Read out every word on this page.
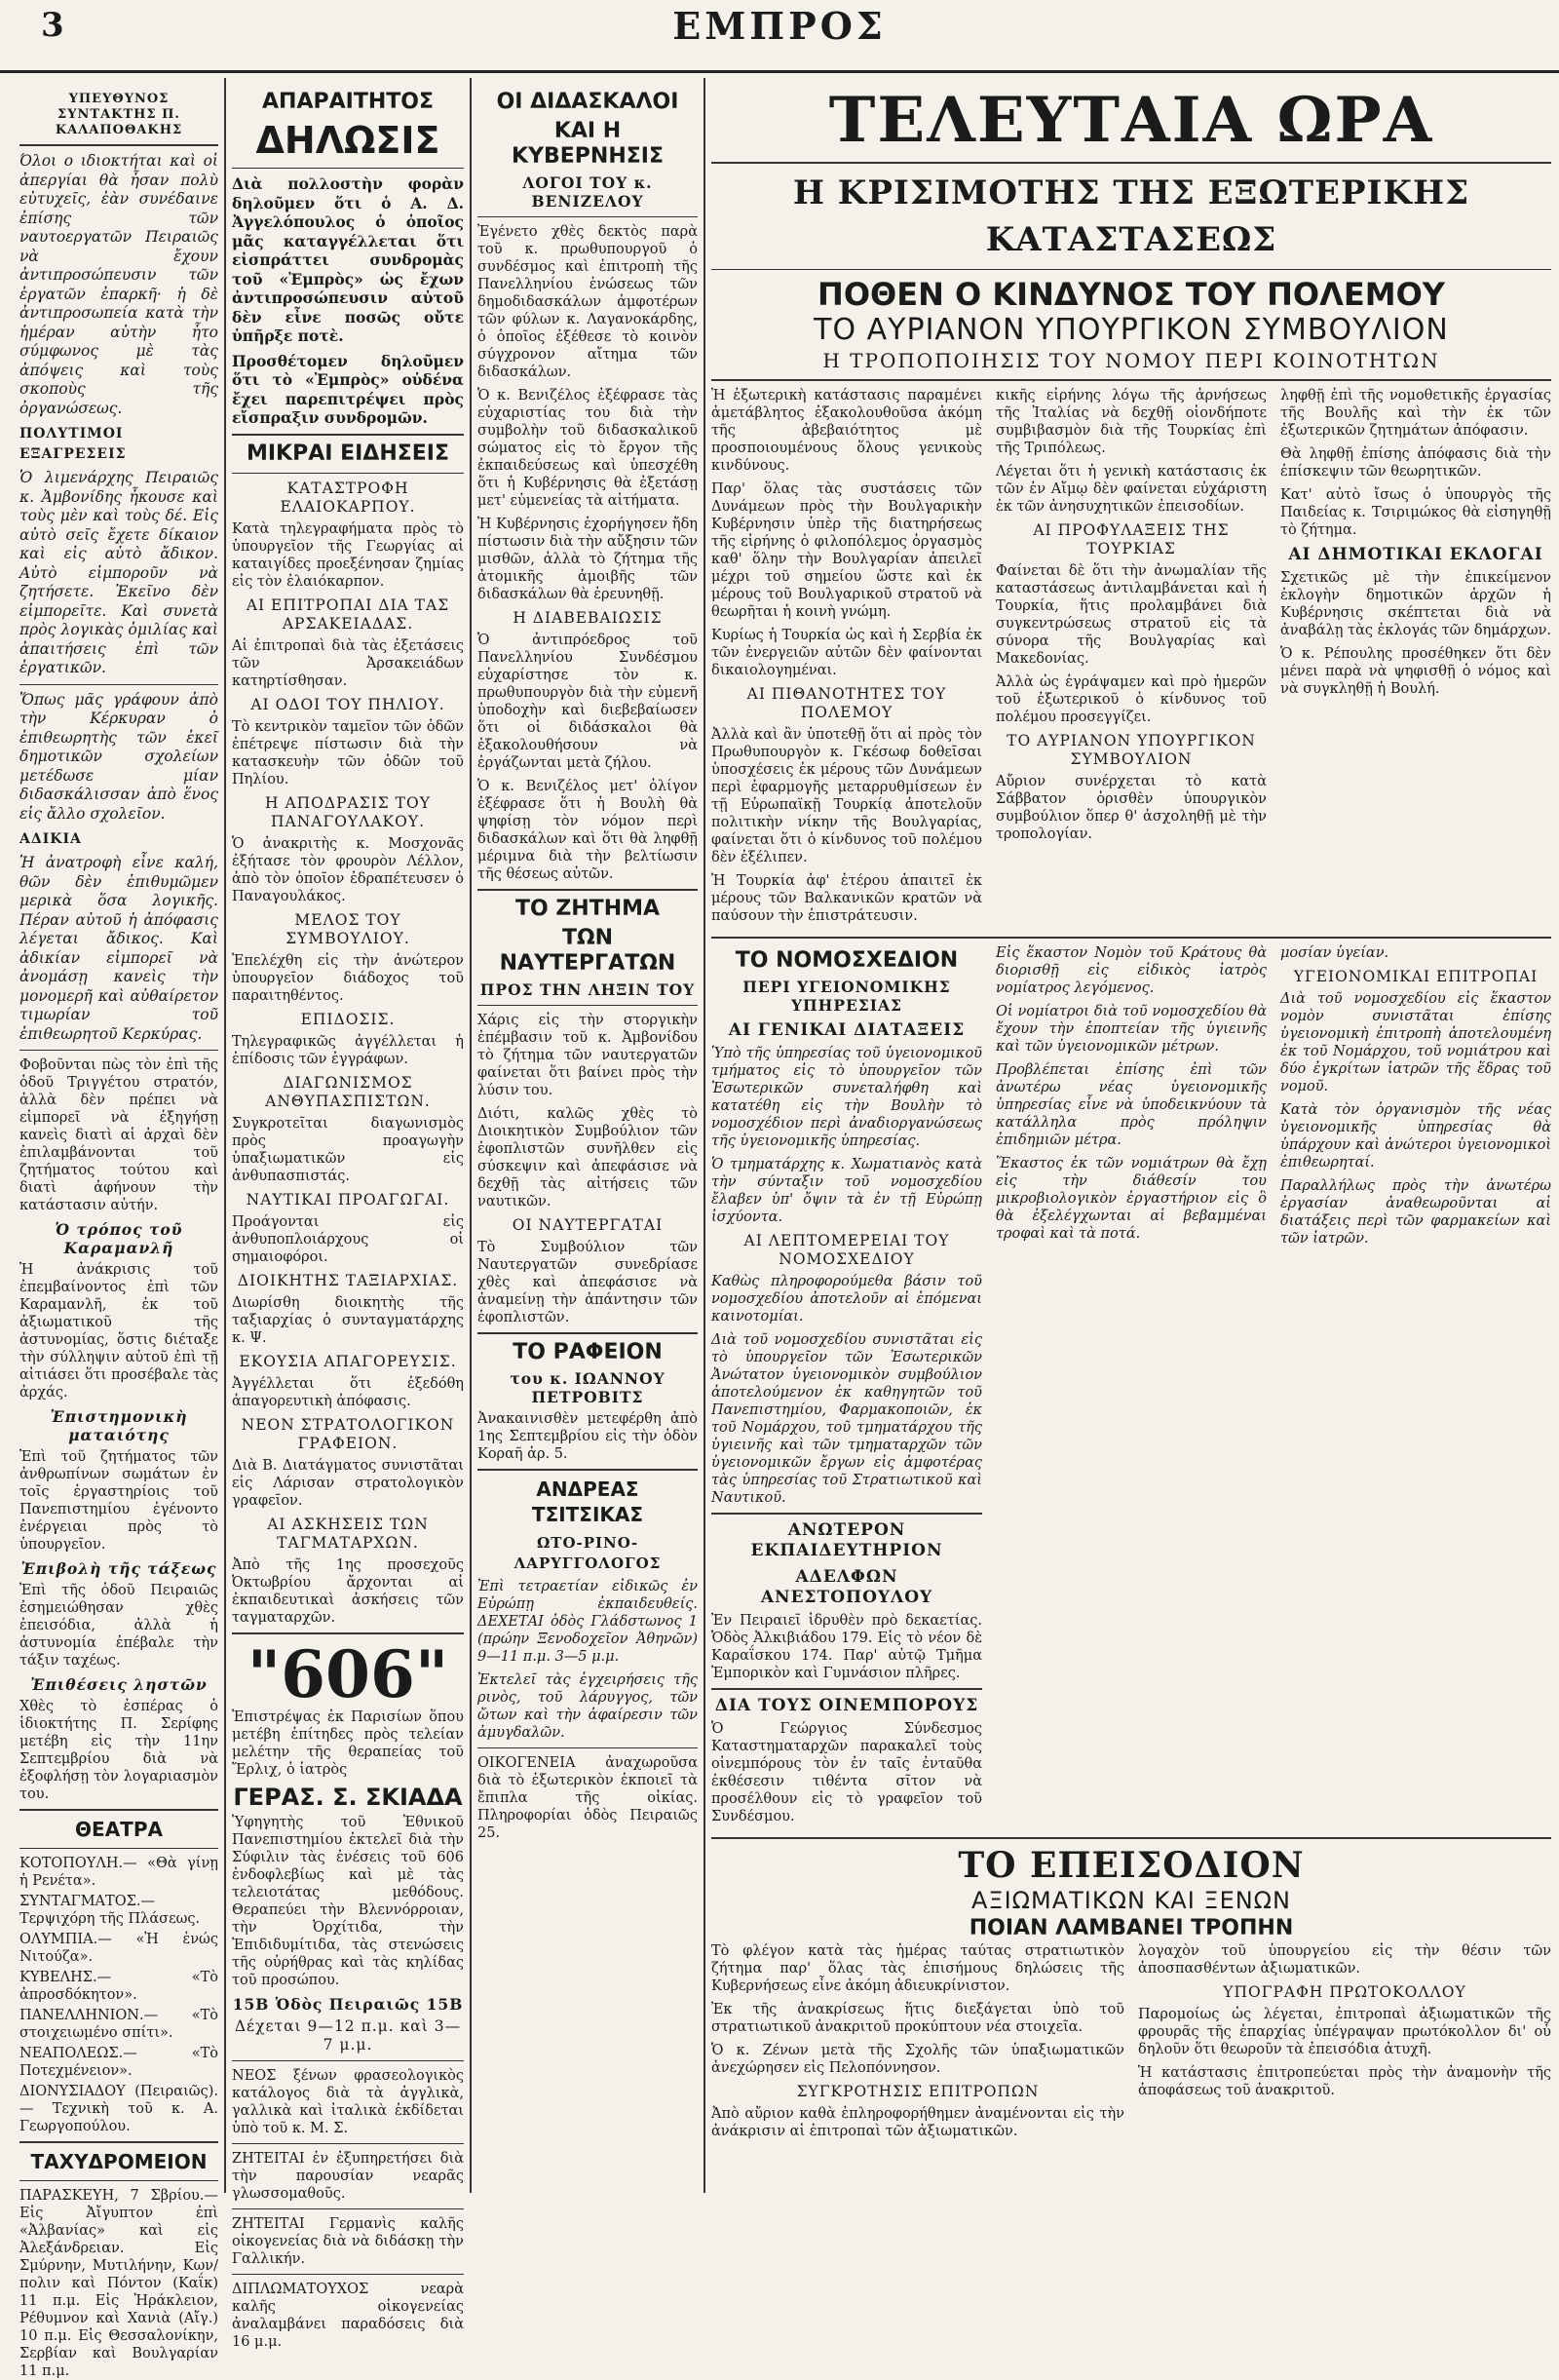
3	ΕΜΠΡΟΣ
ΥΠΕΥΘΥΝΟΣ ΣΥΝΤΑΚΤΗΣ Π. ΚΑΛΑΠΟΘΑΚΗΣ

Όλοι ο ιδιοκτήται καὶ οἱ ἀπεργίαι θὰ ἦσαν πολὺ εὐτυχεῖς, ἐὰν συνέδαινε ἐπίσης τῶν ναυτοεργατῶν Πειραιῶς νὰ ἔχουν ἀντιπροσώπευσιν τῶν ἐργατῶν ἐπαρκῆ· ἡ δὲ ἀντιπροσωπεία κατὰ τὴν ἡμέραν αὐτὴν ἦτο σύμφωνος μὲ τὰς ἀπόψεις καὶ τοὺς σκοποὺς τῆς ὀργανώσεως.

ΠΟΛΥΤΙΜΟΙ ΕΞΑΓΡΕΣΕΙΣ

Ὁ λιμενάρχης Πειραιῶς κ. Ἀμβονίδης ἦκουσε καὶ τοὺς μὲν καὶ τοὺς δέ. Εἰς αὐτὸ σεῖς ἔχετε δίκαιον καὶ εἰς αὐτὸ ἄδικον. Αὐτὸ εἰμποροῦν νὰ ζητήσετε. Ἐκεῖνο δὲν εἰμπορεῖτε. Καὶ συνετὰ πρὸς λογικὰς ὁμιλίας καὶ ἀπαιτήσεις ἐπὶ τῶν ἐργατικῶν.

Ὅπως μᾶς γράφουν ἀπὸ τὴν Κέρκυραν ὁ ἐπιθεωρητὴς τῶν ἐκεῖ δημοτικῶν σχολείων μετέδωσε μίαν διδασκάλισσαν ἀπὸ ἕνος εἰς ἄλλο σχολεῖον.

ΑΔΙΚΙΑ

Ἡ ἀνατροφὴ εἶνε καλή, θῶν δὲν ἐπιθυμῶμεν μερικὰ ὅσα λογικῆς. Πέραν αὐτοῦ ἡ ἀπόφασις λέγεται ἄδικος. Καὶ ἀδικίαν εἰμπορεῖ νὰ ἀνομάσῃ κανεὶς τὴν μονομερῆ καὶ αὐθαίρετον τιμωρίαν τοῦ ἐπιθεωρητοῦ Κερκύρας.

Φοβοῦνται πὼς τὸν ἐπὶ τῆς ὁδοῦ Τριγγέτου στρατόν, ἀλλὰ δὲν πρέπει νὰ εἰμπορεῖ νὰ ἐξηγήσῃ κανεὶς διατὶ αἱ ἀρχαὶ δὲν ἐπιλαμβάνονται τοῦ ζητήματος τούτου καὶ διατὶ ἀφήνουν τὴν κατάστασιν αὐτήν.

Ὁ τρόπος τοῦ Καραμανλῆ

Ἡ ἀνάκρισις τοῦ ἐπεμβαίνοντος ἐπὶ τῶν Καραμανλῆ, ἐκ τοῦ ἀξιωματικοῦ τῆς ἀστυνομίας, ὅστις διέταξε τὴν σύλληψιν αὐτοῦ ἐπὶ τῇ αἰτιάσει ὅτι προσέβαλε τὰς ἀρχάς.

Ἐπιστημονικὴ ματαιότης

Ἐπὶ τοῦ ζητήματος τῶν ἀνθρωπίνων σωμάτων ἐν τοῖς ἐργαστηρίοις τοῦ Πανεπιστημίου ἐγένοντο ἐνέργειαι πρὸς τὸ ὑπουργεῖον.

Ἐπιβολὴ τῆς τάξεως

Ἐπὶ τῆς ὁδοῦ Πειραιῶς ἐσημειώθησαν χθὲς ἐπεισόδια, ἀλλὰ ἡ ἀστυνομία ἐπέβαλε τὴν τάξιν ταχέως.

Ἐπιθέσεις ληστῶν

Χθὲς τὸ ἑσπέρας ὁ ἰδιοκτήτης Π. Σερίφης μετέβη εἰς τὴν 11ην Σεπτεμβρίου διὰ νὰ ἐξοφλήσῃ τὸν λογαριασμὸν του.

ΘΕΑΤΡΑ

ΚΟΤΟΠΟΥΛΗ.— «Θὰ γίνῃ ἡ Ρενέτα».

ΣΥΝΤΑΓΜΑΤΟΣ.— Τερψιχόρη τῆς Πλάσεως.

ΟΛΥΜΠΙΑ.— «Ἡ ἑνώς Νιτούζα».

ΚΥΒΕΛΗΣ.— «Τὸ ἀπροσδόκητον».

ΠΑΝΕΛΛΗΝΙΟΝ.— «Τὸ στοιχειωμένο σπίτι».

ΝΕΑΠΟΛΕΩΣ.— «Τὸ Ποτεχμένειον».

ΔΙΟΝΥΣΙΑΔΟΥ (Πειραιῶς).— Τεχνικὴ τοῦ κ. Α. Γεωργοπούλου.

ΤΑΧΥΔΡΟΜΕΙΟΝ

ΠΑΡΑΣΚΕΥΗ, 7 Σβρίου.— Εἰς Ἀἴγυπτον ἐπὶ «Ἀλβανίας» καὶ εἰς Ἀλεξάνδρειαν. Εἰς Σμύρνην, Μυτιλήνην, Κων/πολιν καὶ Πόντον (Καΐκ) 11 π.μ. Εἰς Ἡράκλειον, Ρέθυμνον καὶ Χανιὰ (Αἴγ.) 10 π.μ. Εἰς Θεσσαλονίκην, Σερβίαν καὶ Βουλγαρίαν 11 π.μ.

ΑΠΑΡΑΙΤΗΤΟΣ
ΔΗΛΩΣΙΣ

Διὰ πολλοστὴν φορὰν δηλοῦμεν ὅτι ὁ Α. Δ. Ἀγγελόπουλος ὁ ὁποῖος μᾶς καταγγέλλεται ὅτι εἰσπράττει συνδρομὰς τοῦ «Ἐμπρὸς» ὡς ἔχων ἀντιπροσώπευσιν αὐτοῦ δὲν εἶνε ποσῶς οὔτε ὑπῆρξε ποτὲ.

Προσθέτομεν δηλοῦμεν ὅτι τὸ «Ἐμπρὸς» οὐδένα ἔχει παρεπιτρέψει πρὸς εἴσπραξιν συνδρομῶν.

ΜΙΚΡΑΙ ΕΙΔΗΣΕΙΣ
ΚΑΤΑΣΤΡΟΦΗ ΕΛΑΙΟΚΑΡΠΟΥ.

Κατὰ τηλεγραφήματα πρὸς τὸ ὑπουργεῖον τῆς Γεωργίας αἱ καταιγίδες προεξένησαν ζημίας εἰς τὸν ἐλαιόκαρπον.

ΑΙ ΕΠΙΤΡΟΠΑΙ ΔΙΑ ΤΑΣ ΑΡΣΑΚΕΙΑΔΑΣ.

Αἱ ἐπιτροπαὶ διὰ τὰς ἐξετάσεις τῶν Ἀρσακειάδων κατηρτίσθησαν.

ΑΙ ΟΔΟΙ ΤΟΥ ΠΗΛΙΟΥ.

Τὸ κεντρικὸν ταμεῖον τῶν ὁδῶν ἐπέτρεψε πίστωσιν διὰ τὴν κατασκευὴν τῶν ὁδῶν τοῦ Πηλίου.

Η ΑΠΟΔΡΑΣΙΣ ΤΟΥ ΠΑΝΑΓΟΥΛΑΚΟΥ.

Ὁ ἀνακριτὴς κ. Μοσχονᾶς ἐξήτασε τὸν φρουρὸν Λέλλον, ἀπὸ τὸν ὁποῖον ἐδραπέτευσεν ὁ Παναγουλάκος.

ΜΕΛΟΣ ΤΟΥ ΣΥΜΒΟΥΛΙΟΥ.

Ἐπελέχθη εἰς τὴν ἀνώτερον ὑπουργεῖον διάδοχος τοῦ παραιτηθέντος.

ΕΠΙΔΟΣΙΣ.

Τηλεγραφικῶς ἀγγέλλεται ἡ ἐπίδοσις τῶν ἐγγράφων.

ΔΙΑΓΩΝΙΣΜΟΣ ΑΝΘΥΠΑΣΠΙΣΤΩΝ.

Συγκροτεῖται διαγωνισμὸς πρὸς προαγωγὴν ὑπαξιωματικῶν εἰς ἀνθυπασπιστάς.

ΝΑΥΤΙΚΑΙ ΠΡΟΑΓΩΓΑΙ.

Προάγονται εἰς ἀνθυποπλοιάρχους οἱ σημαιοφόροι.

ΔΙΟΙΚΗΤΗΣ ΤΑΞΙΑΡΧΙΑΣ.

Διωρίσθη διοικητὴς τῆς ταξιαρχίας ὁ συνταγματάρχης κ. Ψ.

ΕΚΟΥΣΙΑ ΑΠΑΓΟΡΕΥΣΙΣ.

Ἀγγέλλεται ὅτι ἐξεδόθη ἀπαγορευτικὴ ἀπόφασις.

ΝΕΟΝ ΣΤΡΑΤΟΛΟΓΙΚΟΝ ΓΡΑΦΕΙΟΝ.

Διὰ Β. Διατάγματος συνιστᾶται εἰς Λάρισαν στρατολογικὸν γραφεῖον.

ΑΙ ΑΣΚΗΣΕΙΣ ΤΩΝ ΤΑΓΜΑΤΑΡΧΩΝ.

Ἀπὸ τῆς 1ης προσεχοῦς Ὀκτωβρίου ἄρχονται αἱ ἐκπαιδευτικαὶ ἀσκήσεις τῶν ταγματαρχῶν.

"606"

Ἐπιστρέψας ἐκ Παρισίων ὅπου μετέβη ἐπίτηδες πρὸς τελείαν μελέτην τῆς θεραπείας τοῦ Ἔρλιχ, ὁ ἰατρὸς

ΓΕΡΑΣ. Σ. ΣΚΙΑΔΑ

Ὑφηγητὴς τοῦ Ἐθνικοῦ Πανεπιστημίου ἐκτελεῖ διὰ τὴν Σύφιλιν τὰς ἐνέσεις τοῦ 606 ἐνδοφλεβίως καὶ μὲ τὰς τελειοτάτας μεθόδους. Θεραπεύει τὴν Βλεννόρροιαν, τὴν Ὀρχίτιδα, τὴν Ἐπιδιδυμίτιδα, τὰς στενώσεις τῆς οὐρήθρας καὶ τὰς κηλίδας τοῦ προσώπου.

15Β Ὁδὸς Πειραιῶς 15Β
Δέχεται 9—12 π.μ. καὶ 3—7 μ.μ.

ΝΕΟΣ ξένων φρασεολογικὸς κατάλογος διὰ τὰ ἀγγλικὰ, γαλλικὰ καὶ ἰταλικὰ ἐκδίδεται ὑπὸ τοῦ κ. Μ. Σ.

ΖΗΤΕΙΤΑΙ ἐν ἐξυπηρετήσει διὰ τὴν παρουσίαν νεαρᾶς γλωσσομαθοῦς.

ΖΗΤΕΙΤΑΙ Γερμανὶς καλῆς οἰκογενείας διὰ νὰ διδάσκῃ τὴν Γαλλικήν.

ΔΙΠΛΩΜΑΤΟΥΧΟΣ νεαρὰ καλῆς οἰκογενείας ἀναλαμβάνει παραδόσεις διὰ 16 μ.μ.

ΟΙ ΔΙΔΑΣΚΑΛΟΙ
ΚΑΙ Η ΚΥΒΕΡΝΗΣΙΣ
ΛΟΓΟΙ ΤΟΥ κ. ΒΕΝΙΖΕΛΟΥ

Ἐγένετο χθὲς δεκτὸς παρὰ τοῦ κ. πρωθυπουργοῦ ὁ συνδέσμος καὶ ἐπιτροπὴ τῆς Πανελληνίου ἑνώσεως τῶν δημοδιδασκάλων ἀμφοτέρων τῶν φύλων κ. Λαγανοκάρδης, ὁ ὁποῖος ἐξέθεσε τὸ κοινὸν σύγχρονον αἴτημα τῶν διδασκάλων.

Ὁ κ. Βενιζέλος ἐξέφρασε τὰς εὐχαριστίας του διὰ τὴν συμβολὴν τοῦ διδασκαλικοῦ σώματος εἰς τὸ ἔργον τῆς ἐκπαιδεύσεως καὶ ὑπεσχέθη ὅτι ἡ Κυβέρνησις θὰ ἐξετάσῃ μετ' εὐμενείας τὰ αἰτήματα.

Ἡ Κυβέρνησις ἐχορήγησεν ἤδη πίστωσιν διὰ τὴν αὔξησιν τῶν μισθῶν, ἀλλὰ τὸ ζήτημα τῆς ἀτομικῆς ἀμοιβῆς τῶν διδασκάλων θὰ ἐρευνηθῇ.

Η ΔΙΑΒΕΒΑΙΩΣΙΣ

Ὁ ἀντιπρόεδρος τοῦ Πανελληνίου Συνδέσμου εὐχαρίστησε τὸν κ. πρωθυπουργὸν διὰ τὴν εὐμενῆ ὑποδοχὴν καὶ διεβεβαίωσεν ὅτι οἱ διδάσκαλοι θὰ ἐξακολουθήσουν νὰ ἐργάζωνται μετὰ ζήλου.

Ὁ κ. Βενιζέλος μετ' ὀλίγον ἐξέφρασε ὅτι ἡ Βουλὴ θὰ ψηφίσῃ τὸν νόμον περὶ διδασκάλων καὶ ὅτι θὰ ληφθῇ μέριμνα διὰ τὴν βελτίωσιν τῆς θέσεως αὐτῶν.

ΤΟ ΖΗΤΗΜΑ
ΤΩΝ ΝΑΥΤΕΡΓΑΤΩΝ
ΠΡΟΣ ΤΗΝ ΛΗΞΙΝ ΤΟΥ

Χάρις εἰς τὴν στοργικὴν ἐπέμβασιν τοῦ κ. Ἀμβονίδου τὸ ζήτημα τῶν ναυτεργατῶν φαίνεται ὅτι βαίνει πρὸς τὴν λύσιν του.

Διότι, καλῶς χθὲς τὸ Διοικητικὸν Συμβούλιον τῶν ἐφοπλιστῶν συνῆλθεν εἰς σύσκεψιν καὶ ἀπεφάσισε νὰ δεχθῇ τὰς αἰτήσεις τῶν ναυτικῶν.

ΟΙ ΝΑΥΤΕΡΓΑΤΑΙ

Τὸ Συμβούλιον τῶν Ναυτεργατῶν συνεδρίασε χθὲς καὶ ἀπεφάσισε νὰ ἀναμείνῃ τὴν ἀπάντησιν τῶν ἐφοπλιστῶν.

ΤΟ ΡΑΦΕΙΟΝ
του κ. ΙΩΑΝΝΟΥ ΠΕΤΡΟΒΙΤΣ

Ἀνακαινισθὲν μετεφέρθη ἀπὸ 1ης Σεπτεμβρίου εἰς τὴν ὁδὸν Κοραῆ ἀρ. 5.

ΑΝΔΡΕΑΣ ΤΣΙΤΣΙΚΑΣ
ΩΤΟ-ΡΙΝΟ-ΛΑΡΥΓΓΟΛΟΓΟΣ

Ἐπὶ τετραετίαν εἰδικῶς ἐν Εὐρώπῃ ἐκπαιδευθείς. ΔΕΧΕΤΑΙ ὁδὸς Γλάδστωνος 1 (πρώην Ξενοδοχεῖον Ἀθηνῶν) 9—11 π.μ. 3—5 μ.μ.

Ἐκτελεῖ τὰς ἐγχειρήσεις τῆς ρινὸς, τοῦ λάρυγγος, τῶν ὤτων καὶ τὴν ἀφαίρεσιν τῶν ἀμυγδαλῶν.

ΟΙΚΟΓΕΝΕΙΑ ἀναχωροῦσα διὰ τὸ ἐξωτερικὸν ἐκποιεῖ τὰ ἔπιπλα τῆς οἰκίας. Πληροφορίαι ὁδὸς Πειραιῶς 25.

ΤΕΛΕΥΤΑΙΑ ΩΡΑ
Η ΚΡΙΣΙΜΟΤΗΣ ΤΗΣ ΕΞΩΤΕΡΙΚΗΣ ΚΑΤΑΣΤΑΣΕΩΣ
ΠΟΘΕΝ Ο ΚΙΝΔΥΝΟΣ ΤΟΥ ΠΟΛΕΜΟΥ
ΤΟ ΑΥΡΙΑΝΟΝ ΥΠΟΥΡΓΙΚΟΝ ΣΥΜΒΟΥΛΙΟΝ
Η ΤΡΟΠΟΠΟΙΗΣΙΣ ΤΟΥ ΝΟΜΟΥ ΠΕΡΙ ΚΟΙΝΟΤΗΤΩΝ

Ἡ ἐξωτερικὴ κατάστασις παραμένει ἀμετάβλητος ἐξακολουθοῦσα ἀκόμη τῆς ἀβεβαιότητος μὲ προσποιουμένους ὅλους γενικοὺς κινδύνους.

Παρ' ὅλας τὰς συστάσεις τῶν Δυνάμεων πρὸς τὴν Βουλγαρικὴν Κυβέρνησιν ὑπὲρ τῆς διατηρήσεως τῆς εἰρήνης ὁ φιλοπόλεμος ὀργασμὸς καθ' ὅλην τὴν Βουλγαρίαν ἀπειλεῖ μέχρι τοῦ σημείου ὥστε καὶ ἐκ μέρους τοῦ Βουλγαρικοῦ στρατοῦ νὰ θεωρῆται ἡ κοινὴ γνώμη.

Κυρίως ἡ Τουρκία ὡς καὶ ἡ Σερβία ἐκ τῶν ἐνεργειῶν αὐτῶν δὲν φαίνονται δικαιολογημέναι.

ΑΙ ΠΙΘΑΝΟΤΗΤΕΣ ΤΟΥ ΠΟΛΕΜΟΥ

Ἀλλὰ καὶ ἂν ὑποτεθῇ ὅτι αἱ πρὸς τὸν Πρωθυπουργὸν κ. Γκέσωφ δοθεῖσαι ὑποσχέσεις ἐκ μέρους τῶν Δυνάμεων περὶ ἐφαρμογῆς μεταρρυθμίσεων ἐν τῇ Εὐρωπαϊκῇ Τουρκίᾳ ἀποτελοῦν πολιτικὴν νίκην τῆς Βουλγαρίας, φαίνεται ὅτι ὁ κίνδυνος τοῦ πολέμου δὲν ἐξέλιπεν.

Ἡ Τουρκία ἀφ' ἑτέρου ἀπαιτεῖ ἐκ μέρους τῶν Βαλκανικῶν κρατῶν νὰ παύσουν τὴν ἐπιστράτευσιν.

κικῆς εἰρήνης λόγω τῆς ἀρνήσεως τῆς Ἰταλίας νὰ δεχθῇ οἱονδήποτε συμβιβασμὸν διὰ τῆς Τουρκίας ἐπὶ τῆς Τριπόλεως.

Λέγεται ὅτι ἡ γενικὴ κατάστασις ἐκ τῶν ἐν Αἴμῳ δὲν φαίνεται εὐχάριστη ἐκ τῶν ἀνησυχητικῶν ἐπεισοδίων.

ΑΙ ΠΡΟΦΥΛΑΞΕΙΣ ΤΗΣ ΤΟΥΡΚΙΑΣ

Φαίνεται δὲ ὅτι τὴν ἀνωμαλίαν τῆς καταστάσεως ἀντιλαμβάνεται καὶ ἡ Τουρκία, ἥτις προλαμβάνει διὰ συγκεντρώσεως στρατοῦ εἰς τὰ σύνορα τῆς Βουλγαρίας καὶ Μακεδονίας.

Ἀλλὰ ὡς ἐγράψαμεν καὶ πρὸ ἡμερῶν τοῦ ἐξωτερικοῦ ὁ κίνδυνος τοῦ πολέμου προσεγγίζει.

ΤΟ ΑΥΡΙΑΝΟΝ ΥΠΟΥΡΓΙΚΟΝ ΣΥΜΒΟΥΛΙΟΝ

Αὔριον συνέρχεται τὸ κατὰ Σάββατον ὁρισθὲν ὑπουργικὸν συμβούλιον ὅπερ θ' ἀσχοληθῇ μὲ τὴν τροπολογίαν.

ληφθῇ ἐπὶ τῆς νομοθετικῆς ἐργασίας τῆς Βουλῆς καὶ τὴν ἐκ τῶν ἐξωτερικῶν ζητημάτων ἀπόφασιν.

Θὰ ληφθῇ ἐπίσης ἀπόφασις διὰ τὴν ἐπίσκεψιν τῶν θεωρητικῶν.

Κατ' αὐτὸ ἴσως ὁ ὑπουργὸς τῆς Παιδείας κ. Τσιριμώκος θὰ εἰσηγηθῇ τὸ ζήτημα.

ΑΙ ΔΗΜΟΤΙΚΑΙ ΕΚΛΟΓΑΙ

Σχετικῶς μὲ τὴν ἐπικείμενον ἐκλογὴν δημοτικῶν ἀρχῶν ἡ Κυβέρνησις σκέπτεται διὰ νὰ ἀναβάλῃ τὰς ἐκλογάς τῶν δημάρχων.

Ὁ κ. Ρέπουλης προσέθηκεν ὅτι δὲν μένει παρὰ νὰ ψηφισθῇ ὁ νόμος καὶ νὰ συγκληθῇ ἡ Βουλή.

ΤΟ ΝΟΜΟΣΧΕΔΙΟΝ
ΠΕΡΙ ΥΓΕΙΟΝΟΜΙΚΗΣ ΥΠΗΡΕΣΙΑΣ
ΑΙ ΓΕΝΙΚΑΙ ΔΙΑΤΑΞΕΙΣ

Ὑπὸ τῆς ὑπηρεσίας τοῦ ὑγειονομικοῦ τμήματος εἰς τὸ ὑπουργεῖον τῶν Ἐσωτερικῶν συνεταλήφθη καὶ κατατέθη εἰς τὴν Βουλὴν τὸ νομοσχέδιον περὶ ἀναδιοργανώσεως τῆς ὑγειονομικῆς ὑπηρεσίας.

Ὁ τμηματάρχης κ. Χωματιανὸς κατὰ τὴν σύνταξιν τοῦ νομοσχεδίου ἔλαβεν ὑπ' ὄψιν τὰ ἐν τῇ Εὐρώπῃ ἰσχύοντα.

ΑΙ ΛΕΠΤΟΜΕΡΕΙΑΙ ΤΟΥ ΝΟΜΟΣΧΕΔΙΟΥ

Καθὼς πληροφορούμεθα βάσιν τοῦ νομοσχεδίου ἀποτελοῦν αἱ ἑπόμεναι καινοτομίαι.

Διὰ τοῦ νομοσχεδίου συνιστᾶται εἰς τὸ ὑπουργεῖον τῶν Ἐσωτερικῶν Ἀνώτατον ὑγειονομικὸν συμβούλιον ἀποτελούμενον ἐκ καθηγητῶν τοῦ Πανεπιστημίου, Φαρμακοποιῶν, ἐκ τοῦ Νομάρχου, τοῦ τμηματάρχου τῆς ὑγιεινῆς καὶ τῶν τμηματαρχῶν τῶν ὑγειονομικῶν ἔργων εἰς ἀμφοτέρας τὰς ὑπηρεσίας τοῦ Στρατιωτικοῦ καὶ Ναυτικοῦ.

ΑΝΩΤΕΡΟΝ ΕΚΠΑΙΔΕΥΤΗΡΙΟΝ
ΑΔΕΛΦΩΝ ΑΝΕΣΤΟΠΟΥΛΟΥ

Ἐν Πειραιεῖ ἱδρυθὲν πρὸ δεκαετίας. Ὁδὸς Ἀλκιβιάδου 179. Εἰς τὸ νέον δὲ Καραΐσκου 174. Παρ' αὐτῷ Τμῆμα Ἐμπορικὸν καὶ Γυμνάσιον πλῆρες.

ΔΙΑ ΤΟΥΣ ΟΙΝΕΜΠΟΡΟΥΣ

Ὁ Γεώργιος Σύνδεσμος Καταστηματαρχῶν παρακαλεῖ τοὺς οἰνεμπόρους τὸν ἐν ταῖς ἐνταῦθα ἐκθέσεσιν τιθέντα σῖτον νὰ προσέλθουν εἰς τὸ γραφεῖον τοῦ Συνδέσμου.

Εἰς ἕκαστον Νομὸν τοῦ Κράτους θὰ διορισθῇ εἰς εἰδικὸς ἰατρὸς νομίατρος λεγόμενος.

Οἱ νομίατροι διὰ τοῦ νομοσχεδίου θὰ ἔχουν τὴν ἐποπτείαν τῆς ὑγιεινῆς καὶ τῶν ὑγειονομικῶν μέτρων.

Προβλέπεται ἐπίσης ἐπὶ τῶν ἀνωτέρω νέας ὑγειονομικῆς ὑπηρεσίας εἶνε νὰ ὑποδεικνύουν τὰ κατάλληλα πρὸς πρόληψιν ἐπιδημιῶν μέτρα.

Ἕκαστος ἐκ τῶν νομιάτρων θὰ ἔχῃ εἰς τὴν διάθεσίν του μικροβιολογικὸν ἐργαστήριον εἰς ὃ θὰ ἐξελέγχωνται αἱ βεβαμμέναι τροφαὶ καὶ τὰ ποτά.

μοσίαν ὑγείαν.

ΥΓΕΙΟΝΟΜΙΚΑΙ ΕΠΙΤΡΟΠΑΙ

Διὰ τοῦ νομοσχεδίου εἰς ἕκαστον νομὸν συνιστᾶται ἐπίσης ὑγειονομικὴ ἐπιτροπὴ ἀποτελουμένη ἐκ τοῦ Νομάρχου, τοῦ νομιάτρου καὶ δύο ἐγκρίτων ἰατρῶν τῆς ἕδρας τοῦ νομοῦ.

Κατὰ τὸν ὀργανισμὸν τῆς νέας ὑγειονομικῆς ὑπηρεσίας θὰ ὑπάρχουν καὶ ἀνώτεροι ὑγειονομικοὶ ἐπιθεωρηταί.

Παραλλήλως πρὸς τὴν ἀνωτέρω ἐργασίαν ἀναθεωροῦνται αἱ διατάξεις περὶ τῶν φαρμακείων καὶ τῶν ἰατρῶν.

ΤΟ ΕΠΕΙΣΟΔΙΟΝ
ΑΞΙΩΜΑΤΙΚΩΝ ΚΑΙ ΞΕΝΩΝ
ΠΟΙΑΝ ΛΑΜΒΑΝΕΙ ΤΡΟΠΗΝ

Τὸ φλέγον κατὰ τὰς ἡμέρας ταύτας στρατιωτικὸν ζήτημα παρ' ὅλας τὰς ἐπισήμους δηλώσεις τῆς Κυβερνήσεως εἶνε ἀκόμη ἀδιευκρίνιστον.

Ἐκ τῆς ἀνακρίσεως ἥτις διεξάγεται ὑπὸ τοῦ στρατιωτικοῦ ἀνακριτοῦ προκύπτουν νέα στοιχεῖα.

Ὁ κ. Ζένων μετὰ τῆς Σχολῆς τῶν ὑπαξιωματικῶν ἀνεχώρησεν εἰς Πελοπόννησον.

ΣΥΓΚΡΟΤΗΣΙΣ ΕΠΙΤΡΟΠΩΝ

Ἀπὸ αὔριον καθὰ ἐπληροφορήθημεν ἀναμένονται εἰς τὴν ἀνάκρισιν αἱ ἐπιτροπαὶ τῶν ἀξιωματικῶν.

λογαχὸν τοῦ ὑπουργείου εἰς τὴν θέσιν τῶν ἀποσπασθέντων ἀξιωματικῶν.

ΥΠΟΓΡΑΦΗ ΠΡΩΤΟΚΟΛΛΟΥ

Παρομοίως ὡς λέγεται, ἐπιτροπαὶ ἀξιωματικῶν τῆς φρουρᾶς τῆς ἐπαρχίας ὑπέγραψαν πρωτόκολλον δι' οὗ δηλοῦν ὅτι θεωροῦν τὰ ἐπεισόδια ἀτυχῆ.

Ἡ κατάστασις ἐπιτροπεύεται πρὸς τὴν ἀναμονὴν τῆς ἀποφάσεως τοῦ ἀνακριτοῦ.
